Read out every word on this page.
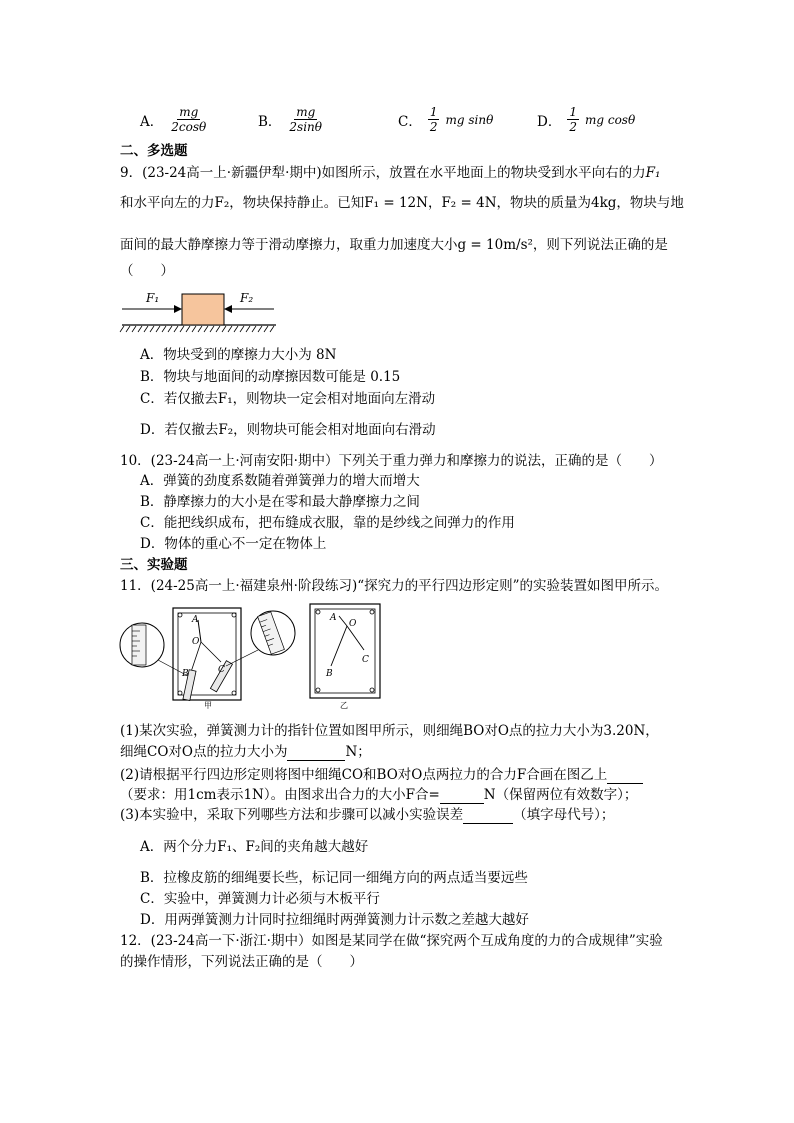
A． $\frac{mg}{2\cos\theta}$	B． $\frac{mg}{2\sin\theta}$	C． $\frac{1}{2}$ mg sinθ	D． $\frac{1}{2}$ mg cosθ
二、多选题
9．(23-24高一上·新疆伊犁·期中)如图所示，放置在水平地面上的物块受到水平向右的力F₁
和水平向左的力F₂，物块保持静止。已知F₁ = 12N，F₂ = 4N，物块的质量为4kg，物块与地
面间的最大静摩擦力等于滑动摩擦力，取重力加速度大小g = 10m/s²，则下列说法正确的是
（　　）
F₁	F₂
A．物块受到的摩擦力大小为 8N
B．物块与地面间的动摩擦因数可能是 0.15
C．若仅撤去F₁，则物块一定会相对地面向左滑动
D．若仅撤去F₂，则物块可能会相对地面向右滑动
10．(23-24高一上·河南安阳·期中）下列关于重力弹力和摩擦力的说法，正确的是（　　）
A．弹簧的劲度系数随着弹簧弹力的增大而增大
B．静摩擦力的大小是在零和最大静摩擦力之间
C．能把线织成布，把布缝成衣服，靠的是纱线之间弹力的作用
D．物体的重心不一定在物体上
三、实验题
11．(24-25高一上·福建泉州·阶段练习)“探究力的平行四边形定则”的实验装置如图甲所示。
A
O
B	C
甲
A
O
B
C
乙
(1)某次实验，弹簧测力计的指针位置如图甲所示，则细绳BO对O点的拉力大小为3.20N，
细绳CO对O点的拉力大小为	N；
(2)请根据平行四边形定则将图中细绳CO和BO对O点两拉力的合力F合画在图乙上
（要求：用1cm表示1N）。由图求出合力的大小F合=	N（保留两位有效数字）；
(3)本实验中，采取下列哪些方法和步骤可以减小实验误差	（填字母代号）；
A．两个分力F₁、F₂间的夹角越大越好
B．拉橡皮筋的细绳要长些，标记同一细绳方向的两点适当要远些
C．实验中，弹簧测力计必须与木板平行
D．用两弹簧测力计同时拉细绳时两弹簧测力计示数之差越大越好
12．(23-24高一下·浙江·期中）如图是某同学在做“探究两个互成角度的力的合成规律”实验
的操作情形，下列说法正确的是（　　）
